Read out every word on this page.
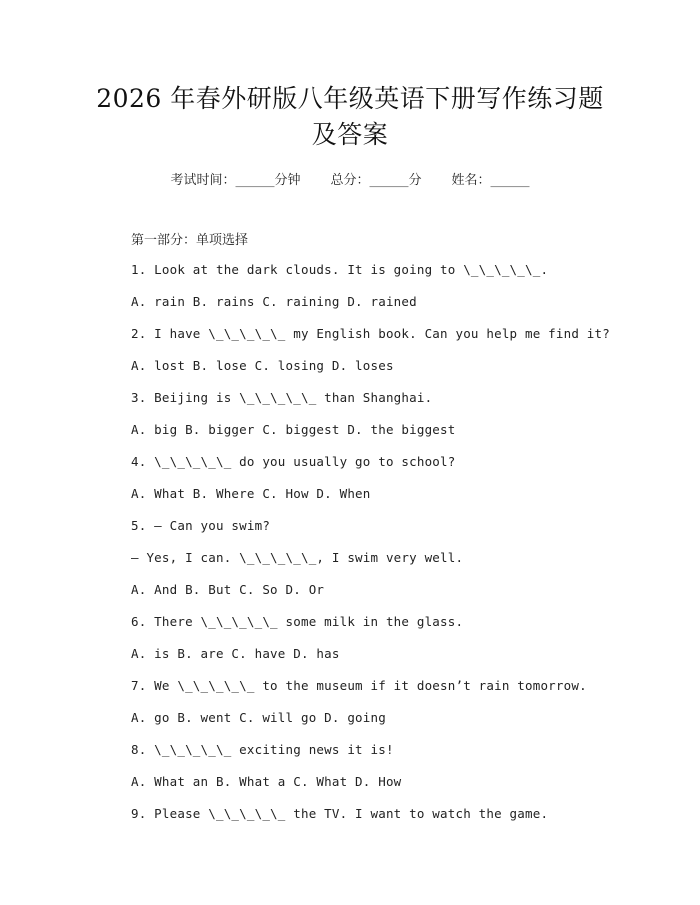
2026 年春外研版八年级英语下册写作练习题
及答案
考试时间：______分钟 总分：______分 姓名：______
第一部分：单项选择
1. Look at the dark clouds. It is going to \_\_\_\_\_.
A. rain B. rains C. raining D. rained
2. I have \_\_\_\_\_ my English book. Can you help me find it?
A. lost B. lose C. losing D. loses
3. Beijing is \_\_\_\_\_ than Shanghai.
A. big B. bigger C. biggest D. the biggest
4. \_\_\_\_\_ do you usually go to school?
A. What B. Where C. How D. When
5. — Can you swim?
— Yes, I can. \_\_\_\_\_, I swim very well.
A. And B. But C. So D. Or
6. There \_\_\_\_\_ some milk in the glass.
A. is B. are C. have D. has
7. We \_\_\_\_\_ to the museum if it doesn’t rain tomorrow.
A. go B. went C. will go D. going
8. \_\_\_\_\_ exciting news it is!
A. What an B. What a C. What D. How
9. Please \_\_\_\_\_ the TV. I want to watch the game.
